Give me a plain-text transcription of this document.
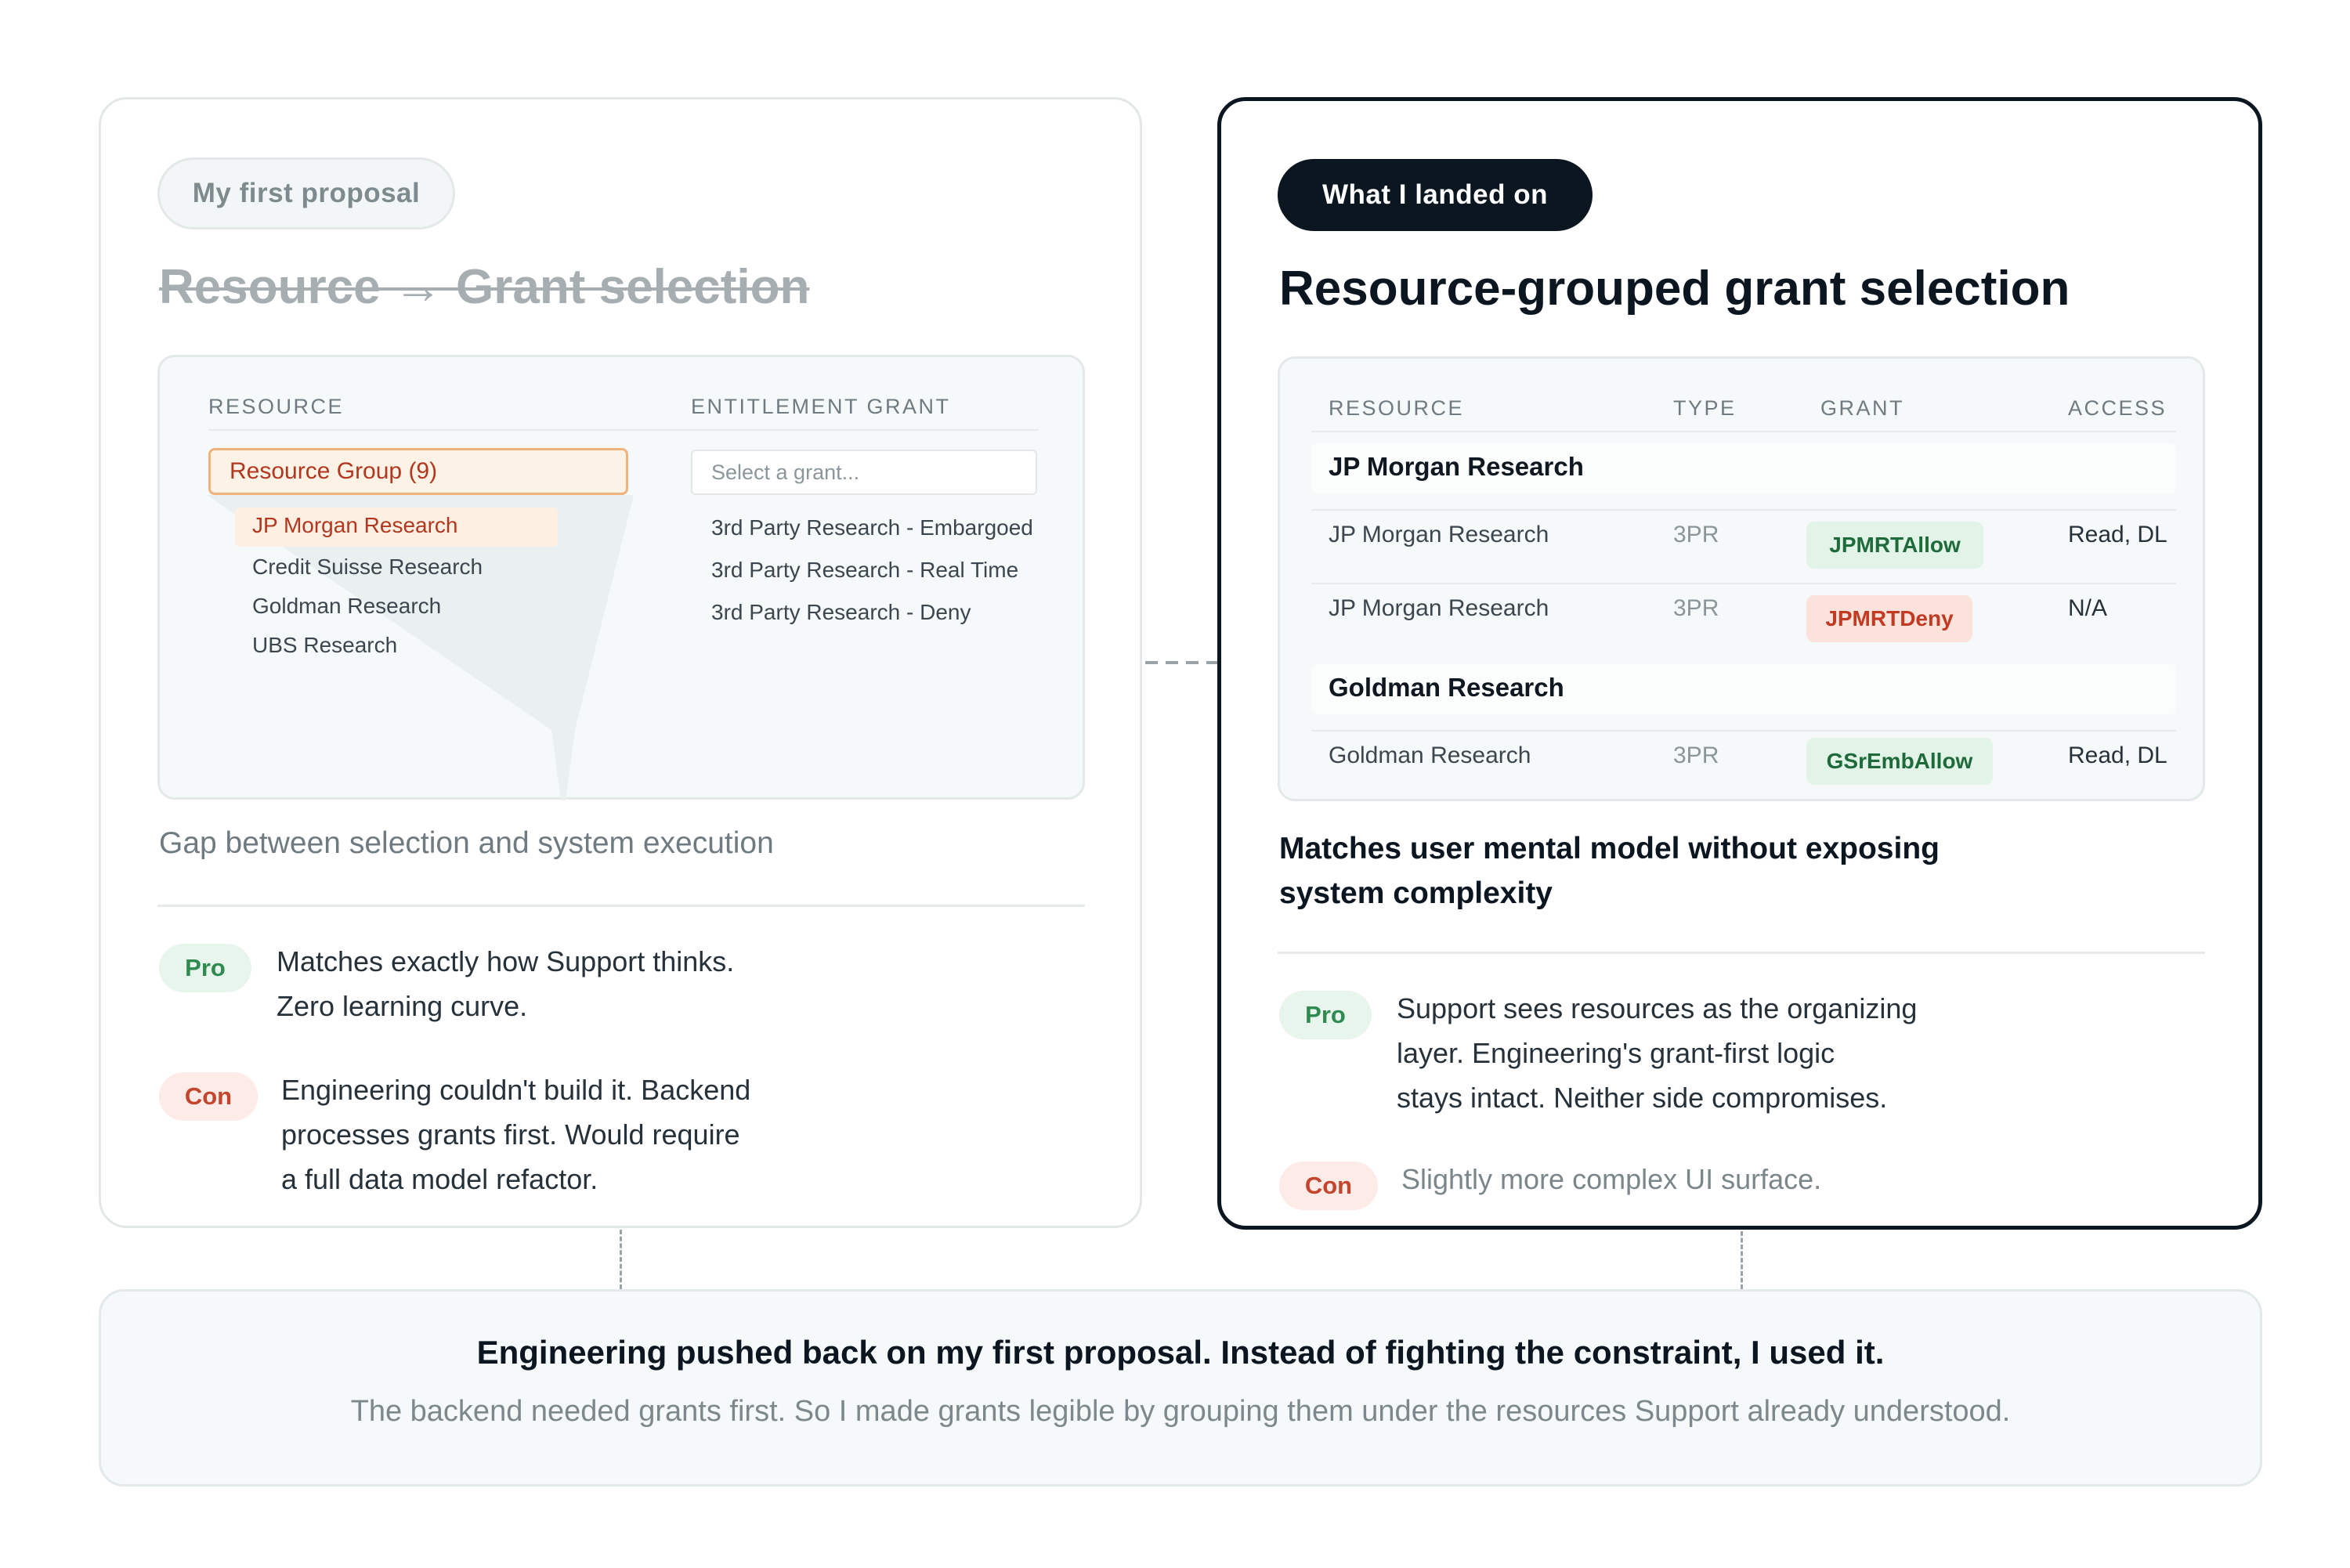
My first proposal
Resource → Grant selection
RESOURCE	ENTITLEMENT GRANT
Resource Group (9)
JP Morgan Research
Credit Suisse Research
Goldman Research
UBS Research
Select a grant...
3rd Party Research - Embargoed
3rd Party Research - Real Time
3rd Party Research - Deny
Gap between selection and system execution
Pro	Matches exactly how Support thinks.
Zero learning curve.
Con	Engineering couldn't build it. Backend
processes grants first. Would require
a full data model refactor.
What I landed on
Resource-grouped grant selection
RESOURCE	TYPE	GRANT	ACCESS
JP Morgan Research
JP Morgan Research	3PR	JPMRTAllow	Read, DL
JP Morgan Research	3PR	JPMRTDeny	N/A
Goldman Research
Goldman Research	3PR	GSrEmbAllow	Read, DL
Matches user mental model without exposing
system complexity
Pro	Support sees resources as the organizing
layer. Engineering's grant-first logic
stays intact. Neither side compromises.
Con	Slightly more complex UI surface.
Engineering pushed back on my first proposal. Instead of fighting the constraint, I used it.
The backend needed grants first. So I made grants legible by grouping them under the resources Support already understood.
